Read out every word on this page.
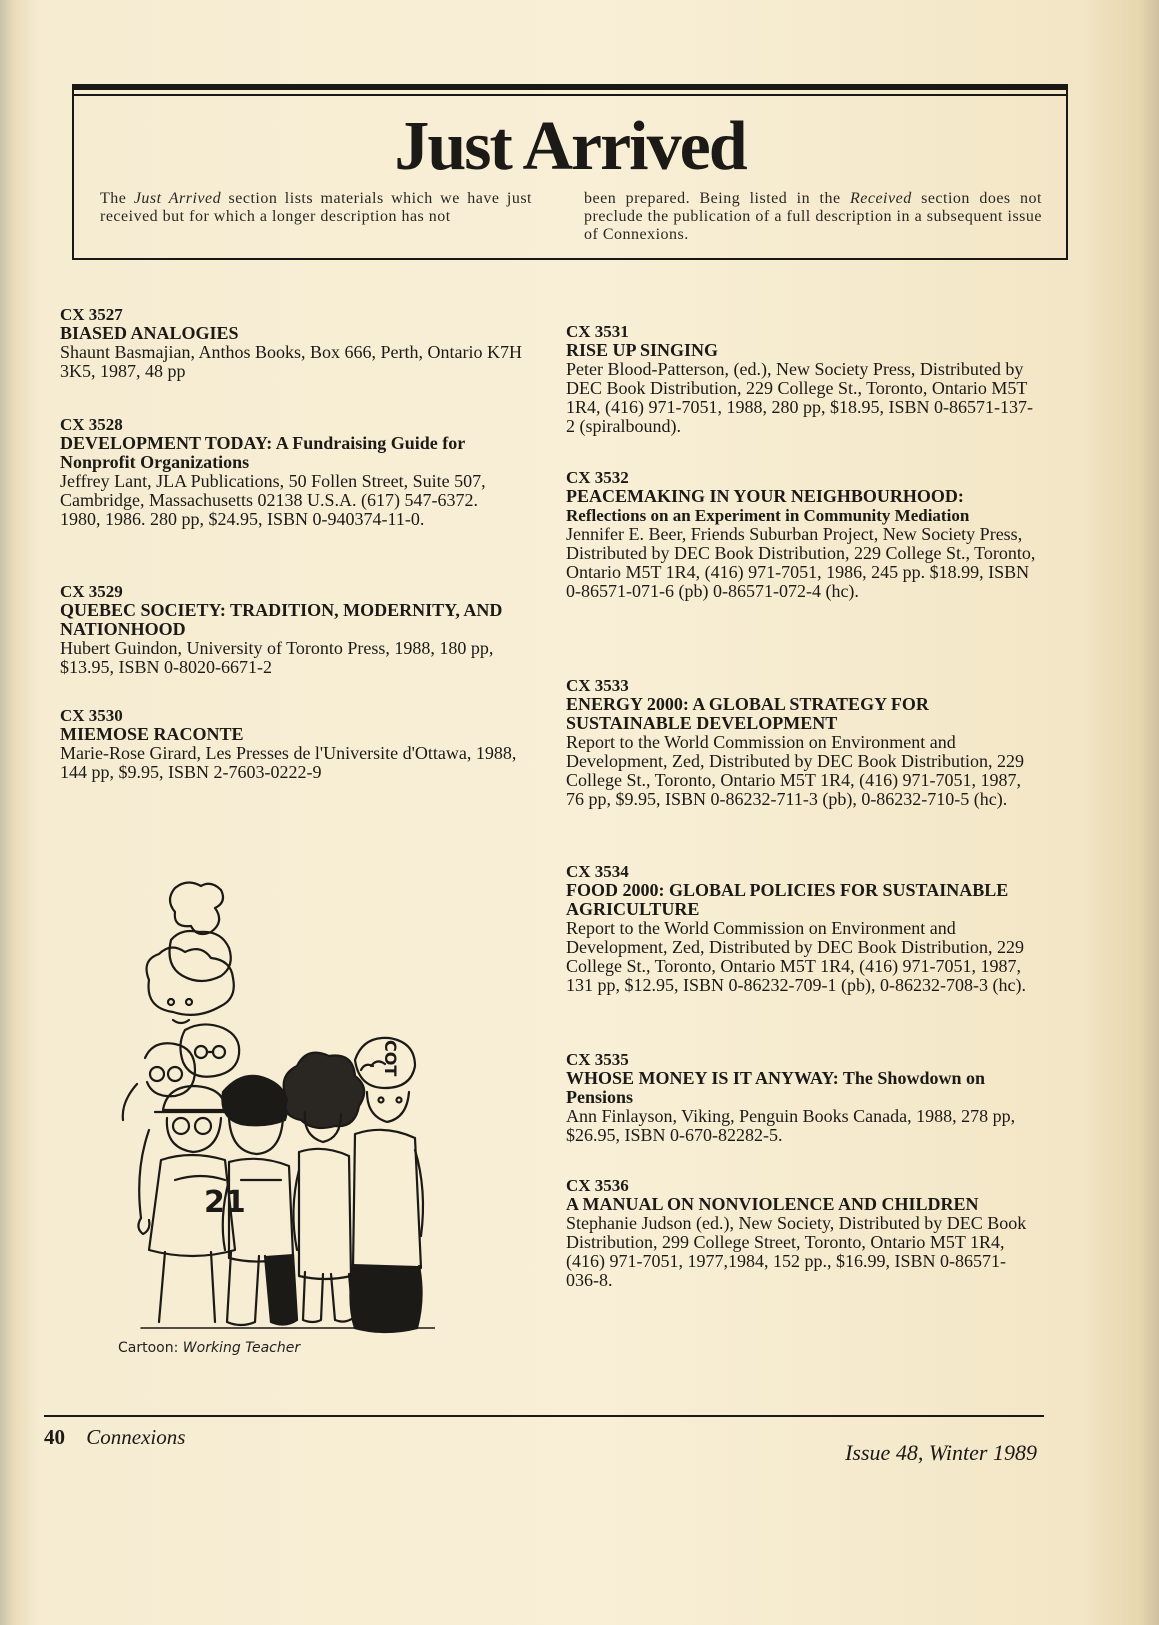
Just Arrived
The Just Arrived section lists materials which we have just received but for which a longer description has not
been prepared. Being listed in the Received section does not preclude the publication of a full description in a subsequent issue of Connexions.
CX 3527
BIASED ANALOGIES

Shaunt Basmajian, Anthos Books, Box 666, Perth, Ontario K7H 3K5, 1987, 48 pp

CX 3528
DEVELOPMENT TODAY: A Fundraising Guide for Nonprofit Organizations

Jeffrey Lant, JLA Publications, 50 Follen Street, Suite 507, Cambridge, Massachusetts 02138 U.S.A. (617) 547-6372. 1980, 1986. 280 pp, $24.95, ISBN 0-940374-11-0.

CX 3529
QUEBEC SOCIETY: TRADITION, MODERNITY, AND NATIONHOOD

Hubert Guindon, University of Toronto Press, 1988, 180 pp, $13.95, ISBN 0-8020-6671-2

CX 3530
MIEMOSE RACONTE

Marie-Rose Girard, Les Presses de l'Universite d'Ottawa, 1988, 144 pp, $9.95, ISBN 2-7603-0222-9

CX 3531
RISE UP SINGING

Peter Blood-Patterson, (ed.), New Society Press, Distributed by DEC Book Distribution, 229 College St., Toronto, Ontario M5T 1R4, (416) 971-7051, 1988, 280 pp, $18.95, ISBN 0-86571-137-2 (spiralbound).

CX 3532
PEACEMAKING IN YOUR NEIGHBOURHOOD:
Reflections on an Experiment in Community Mediation

Jennifer E. Beer, Friends Suburban Project, New Society Press, Distributed by DEC Book Distribution, 229 College St., Toronto, Ontario M5T 1R4, (416) 971-7051, 1986, 245 pp. $18.99, ISBN 0-86571-071-6 (pb) 0-86571-072-4 (hc).

CX 3533
ENERGY 2000: A GLOBAL STRATEGY FOR SUSTAINABLE DEVELOPMENT

Report to the World Commission on Environment and Development, Zed, Distributed by DEC Book Distribution, 229 College St., Toronto, Ontario M5T 1R4, (416) 971-7051, 1987, 76 pp, $9.95, ISBN 0-86232-711-3 (pb), 0-86232-710-5 (hc).

CX 3534
FOOD 2000: GLOBAL POLICIES FOR SUSTAINABLE AGRICULTURE

Report to the World Commission on Environment and Development, Zed, Distributed by DEC Book Distribution, 229 College St., Toronto, Ontario M5T 1R4, (416) 971-7051, 1987, 131 pp, $12.95, ISBN 0-86232-709-1 (pb), 0-86232-708-3 (hc).

CX 3535
WHOSE MONEY IS IT ANYWAY: The Showdown on Pensions

Ann Finlayson, Viking, Penguin Books Canada, 1988, 278 pp, $26.95, ISBN 0-670-82282-5.

CX 3536
A MANUAL ON NONVIOLENCE AND CHILDREN

Stephanie Judson (ed.), New Society, Distributed by DEC Book Distribution, 299 College Street, Toronto, Ontario M5T 1R4, (416) 971-7051, 1977,1984, 152 pp., $16.99, ISBN 0-86571-036-8.

21
COT
Cartoon: Working Teacher
40 Connexions
Issue 48, Winter 1989
